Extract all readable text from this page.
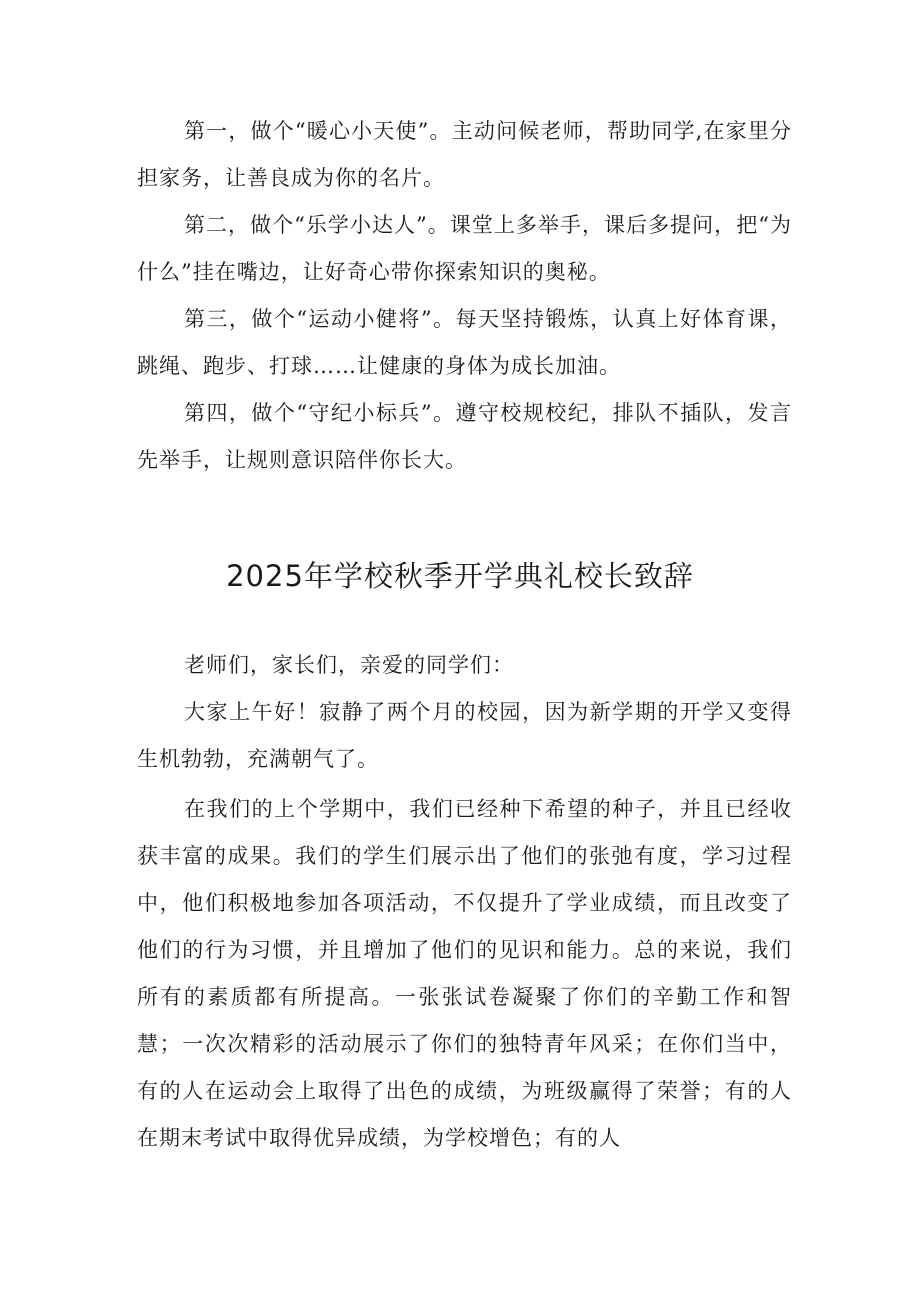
第一，做个“暖心小天使”。主动问候老师，帮助同学,在家里分担家务，让善良成为你的名片。

第二，做个“乐学小达人”。课堂上多举手，课后多提问，把“为什么”挂在嘴边，让好奇心带你探索知识的奥秘。

第三，做个“运动小健将”。每天坚持锻炼，认真上好体育课，跳绳、跑步、打球……让健康的身体为成长加油。

第四，做个“守纪小标兵”。遵守校规校纪，排队不插队，发言先举手，让规则意识陪伴你长大。

2025年学校秋季开学典礼校长致辞

老师们，家长们，亲爱的同学们：

大家上午好！寂静了两个月的校园，因为新学期的开学又变得生机勃勃，充满朝气了。

在我们的上个学期中，我们已经种下希望的种子，并且已经收获丰富的成果。我们的学生们展示出了他们的张弛有度，学习过程中，他们积极地参加各项活动，不仅提升了学业成绩，而且改变了他们的行为习惯，并且增加了他们的见识和能力。总的来说，我们所有的素质都有所提高。一张张试卷凝聚了你们的辛勤工作和智慧；一次次精彩的活动展示了你们的独特青年风采；在你们当中，有的人在运动会上取得了出色的成绩，为班级赢得了荣誉；有的人在期末考试中取得优异成绩，为学校增色；有的人
